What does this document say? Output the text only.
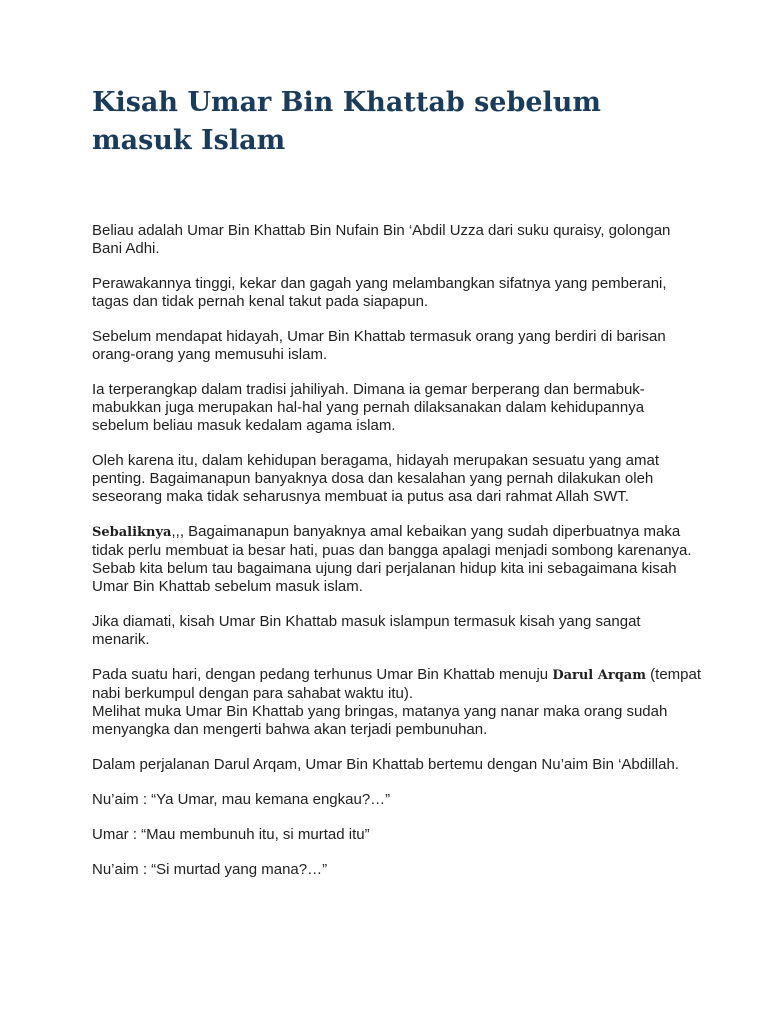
Kisah Umar Bin Khattab sebelum masuk Islam

Beliau adalah Umar Bin Khattab Bin Nufain Bin ‘Abdil Uzza dari suku quraisy, golongan Bani Adhi.

Perawakannya tinggi, kekar dan gagah yang melambangkan sifatnya yang pemberani, tagas dan tidak pernah kenal takut pada siapapun.

Sebelum mendapat hidayah, Umar Bin Khattab termasuk orang yang berdiri di barisan orang-orang yang memusuhi islam.

Ia terperangkap dalam tradisi jahiliyah. Dimana ia gemar berperang dan bermabuk-mabukkan juga merupakan hal-hal yang pernah dilaksanakan dalam kehidupannya sebelum beliau masuk kedalam agama islam.

Oleh karena itu, dalam kehidupan beragama, hidayah merupakan sesuatu yang amat penting. Bagaimanapun banyaknya dosa dan kesalahan yang pernah dilakukan oleh seseorang maka tidak seharusnya membuat ia putus asa dari rahmat Allah SWT.

Sebaliknya,,, Bagaimanapun banyaknya amal kebaikan yang sudah diperbuatnya maka tidak perlu membuat ia besar hati, puas dan bangga apalagi menjadi sombong karenanya.

Sebab kita belum tau bagaimana ujung dari perjalanan hidup kita ini sebagaimana kisah Umar Bin Khattab sebelum masuk islam.

Jika diamati, kisah Umar Bin Khattab masuk islampun termasuk kisah yang sangat menarik.

Pada suatu hari, dengan pedang terhunus Umar Bin Khattab menuju Darul Arqam (tempat nabi berkumpul dengan para sahabat waktu itu).

Melihat muka Umar Bin Khattab yang bringas, matanya yang nanar maka orang sudah menyangka dan mengerti bahwa akan terjadi pembunuhan.

Dalam perjalanan Darul Arqam, Umar Bin Khattab bertemu dengan Nu’aim Bin ‘Abdillah.

Nu’aim : “Ya Umar, mau kemana engkau?…”

Umar : “Mau membunuh itu, si murtad itu”

Nu’aim : “Si murtad yang mana?…”
